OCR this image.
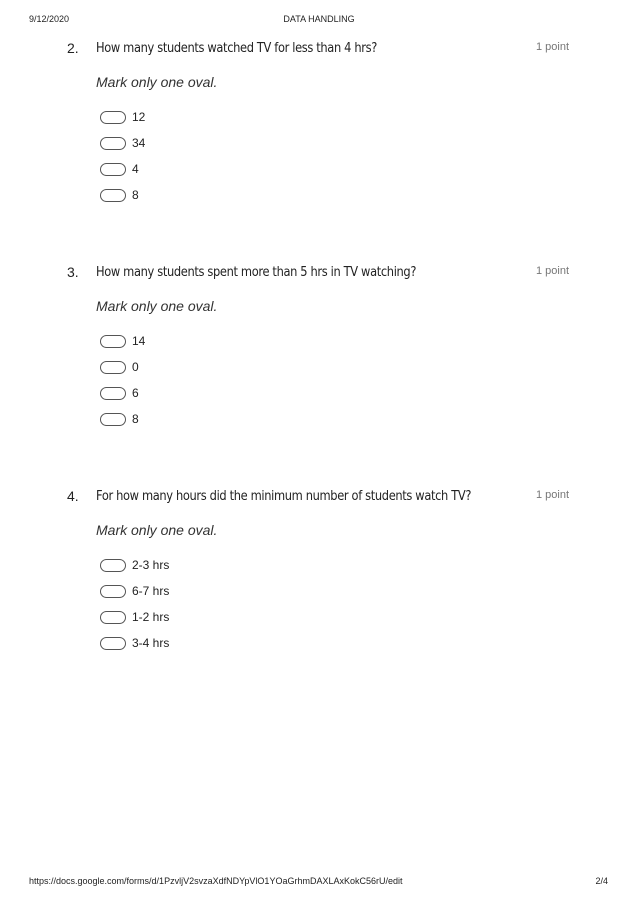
9/12/2020	DATA HANDLING
2. How many students watched TV for less than 4 hrs?	1 point
Mark only one oval.
12
34
4
8
3. How many students spent more than 5 hrs in TV watching?	1 point
Mark only one oval.
14
0
6
8
4. For how many hours did the minimum number of students watch TV?	1 point
Mark only one oval.
2-3 hrs
6-7 hrs
1-2 hrs
3-4 hrs
https://docs.google.com/forms/d/1PzvljV2svzaXdfNDYpVlO1YOaGrhmDAXLAxKokC56rU/edit	2/4
